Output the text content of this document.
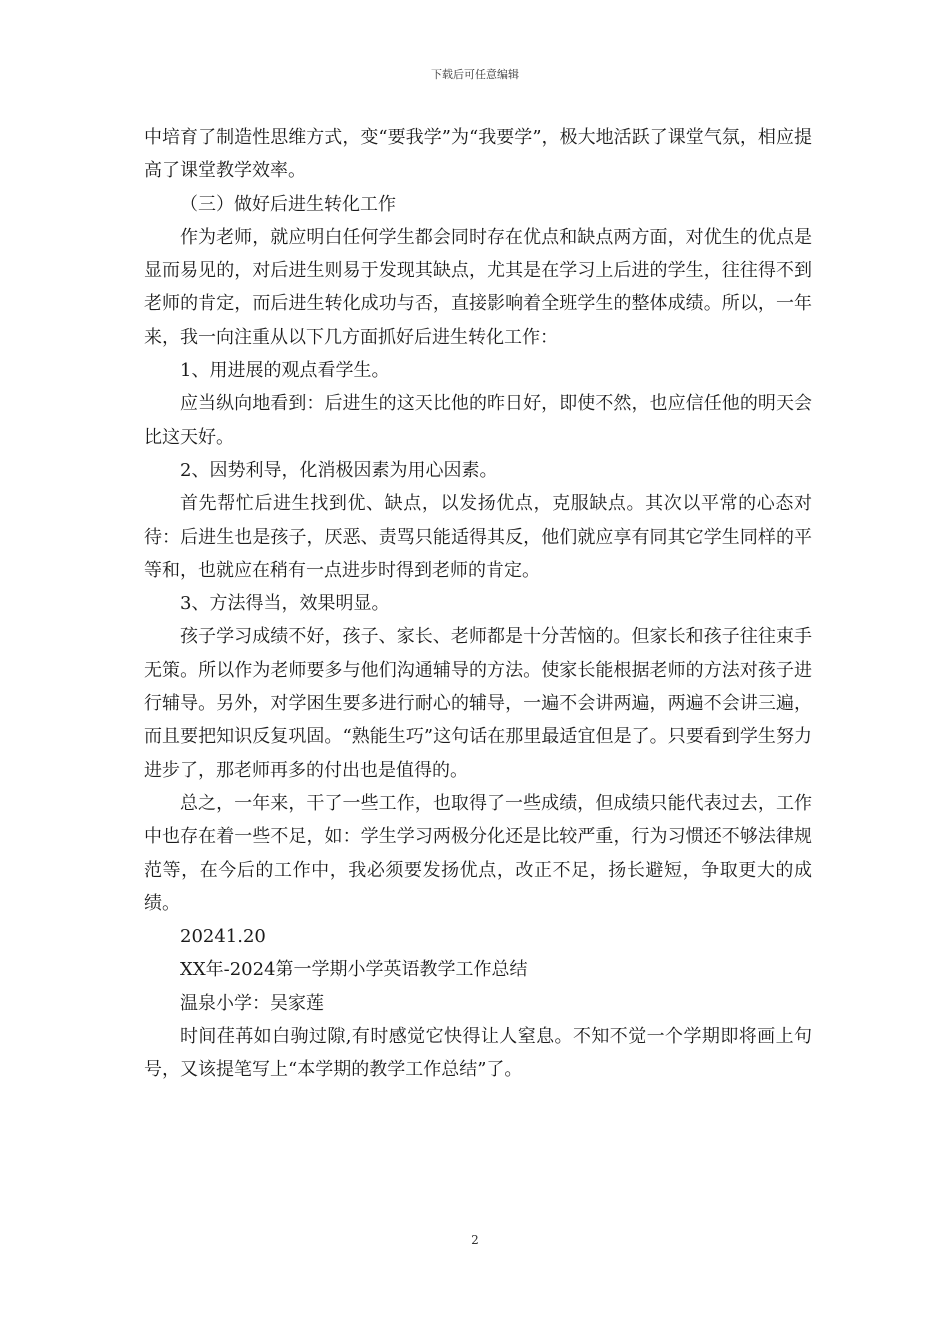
下载后可任意编辑

中培育了制造性思维方式，变“要我学”为“我要学”，极大地活跃了课堂气氛，相应提高了课堂教学效率。

（三）做好后进生转化工作

作为老师，就应明白任何学生都会同时存在优点和缺点两方面，对优生的优点是显而易见的，对后进生则易于发现其缺点，尤其是在学习上后进的学生，往往得不到老师的肯定，而后进生转化成功与否，直接影响着全班学生的整体成绩。所以，一年来，我一向注重从以下几方面抓好后进生转化工作：

1、用进展的观点看学生。

应当纵向地看到：后进生的这天比他的昨日好，即使不然，也应信任他的明天会比这天好。

2、因势利导，化消极因素为用心因素。

首先帮忙后进生找到优、缺点，以发扬优点，克服缺点。其次以平常的心态对待：后进生也是孩子，厌恶、责骂只能适得其反，他们就应享有同其它学生同样的平等和，也就应在稍有一点进步时得到老师的肯定。

3、方法得当，效果明显。

孩子学习成绩不好，孩子、家长、老师都是十分苦恼的。但家长和孩子往往束手无策。所以作为老师要多与他们沟通辅导的方法。使家长能根据老师的方法对孩子进行辅导。另外，对学困生要多进行耐心的辅导，一遍不会讲两遍，两遍不会讲三遍，而且要把知识反复巩固。“熟能生巧”这句话在那里最适宜但是了。只要看到学生努力进步了，那老师再多的付出也是值得的。

总之，一年来，干了一些工作，也取得了一些成绩，但成绩只能代表过去，工作中也存在着一些不足，如：学生学习两极分化还是比较严重，行为习惯还不够法律规范等，在今后的工作中，我必须要发扬优点，改正不足，扬长避短，争取更大的成绩。

20241.20

XX年-2024第一学期小学英语教学工作总结

温泉小学：吴家莲

时间荏苒如白驹过隙,有时感觉它快得让人窒息。不知不觉一个学期即将画上句号，又该提笔写上“本学期的教学工作总结”了。

2
